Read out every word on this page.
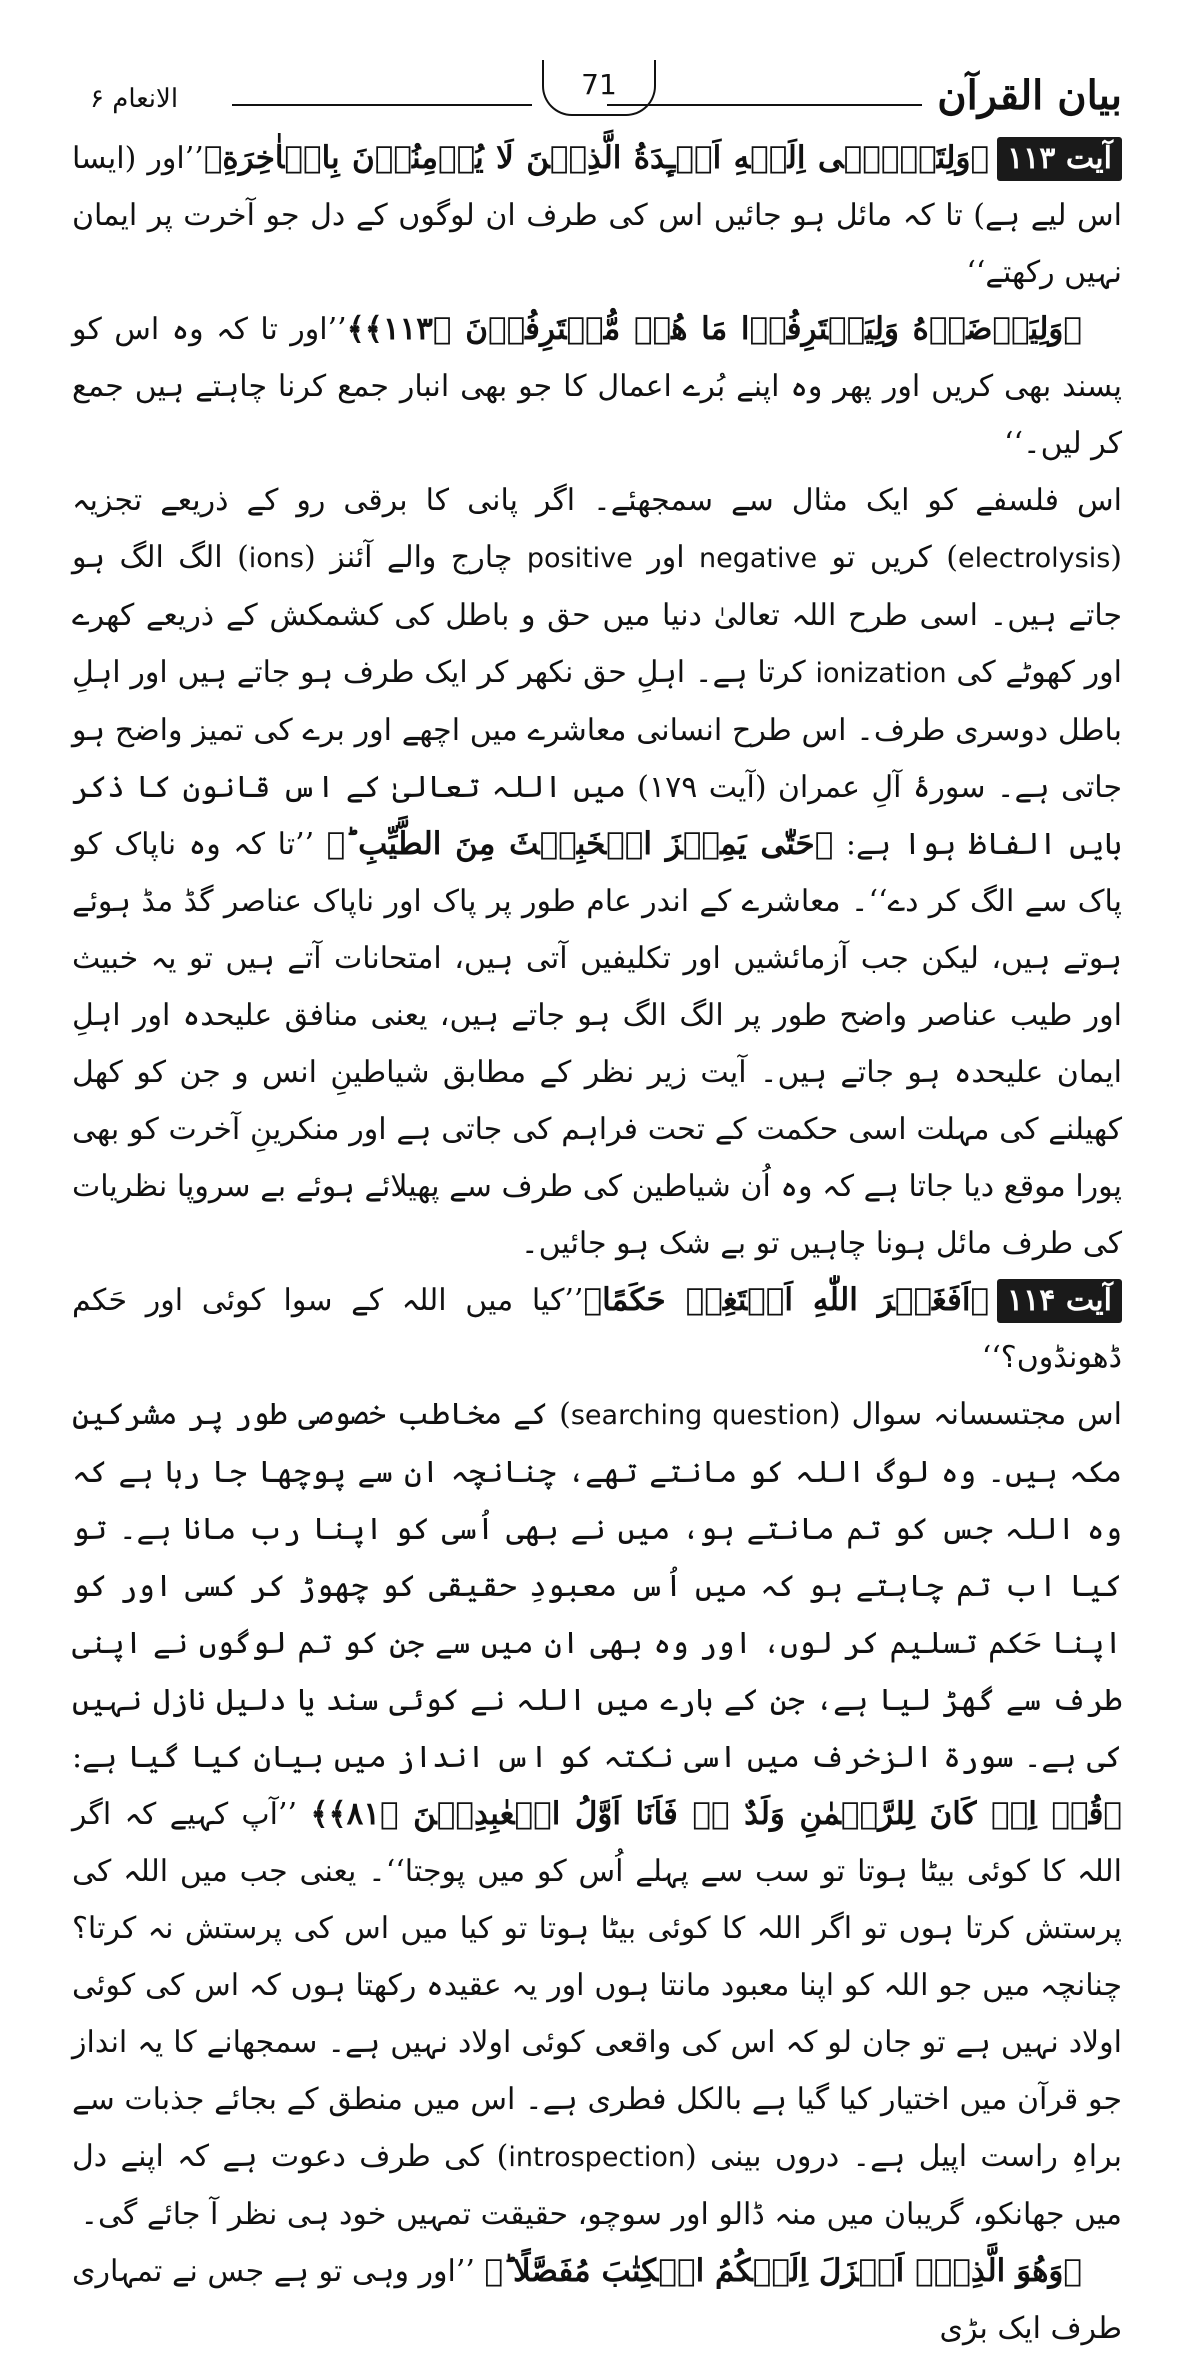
بیان القرآن
71
الانعام ۶

آیت ۱۱۳﴿وَلِتَصۡغٰۤی اِلَیۡهِ اَفۡـِٕدَةُ الَّذِیۡنَ لَا یُؤۡمِنُوۡنَ بِالۡاٰخِرَةِ﴾’’اور (ایسا اس لیے ہے) تا کہ مائل ہو جائیں اس کی طرف ان لوگوں کے دل جو آخرت پر ایمان نہیں رکھتے‘‘

﴿وَلِیَرۡضَوۡهُ وَلِیَقۡتَرِفُوۡا مَا هُمۡ مُّقۡتَرِفُوۡنَ ﴿۱۱۳﴾﴾’’اور تا کہ وہ اس کو پسند بھی کریں اور پھر وہ اپنے بُرے اعمال کا جو بھی انبار جمع کرنا چاہتے ہیں جمع کر لیں۔‘‘

اس فلسفے کو ایک مثال سے سمجھئے۔ اگر پانی کا برقی رو کے ذریعے تجزیہ (electrolysis) کریں تو negative اور positive چارج والے آئنز (ions) الگ الگ ہو جاتے ہیں۔ اسی طرح اللہ تعالیٰ دنیا میں حق و باطل کی کشمکش کے ذریعے کھرے اور کھوٹے کی ionization کرتا ہے۔ اہلِ حق نکھر کر ایک طرف ہو جاتے ہیں اور اہلِ باطل دوسری طرف۔ اس طرح انسانی معاشرے میں اچھے اور برے کی تمیز واضح ہو جاتی ہے۔ سورۂ آلِ عمران (آیت ۱۷۹) میں اللہ تعالیٰ کے اس قانون کا ذکر بایں الفاظ ہوا ہے: ﴿حَتّٰی یَمِیۡزَ الۡخَبِیۡثَ مِنَ الطَّیِّبِ ؕ﴾ ’’تا کہ وہ ناپاک کو پاک سے الگ کر دے‘‘۔ معاشرے کے اندر عام طور پر پاک اور ناپاک عناصر گڈ مڈ ہوئے ہوتے ہیں، لیکن جب آزمائشیں اور تکلیفیں آتی ہیں، امتحانات آتے ہیں تو یہ خبیث اور طیب عناصر واضح طور پر الگ الگ ہو جاتے ہیں، یعنی منافق علیحدہ اور اہلِ ایمان علیحدہ ہو جاتے ہیں۔ آیت زیر نظر کے مطابق شیاطینِ انس و جن کو کھل کھیلنے کی مہلت اسی حکمت کے تحت فراہم کی جاتی ہے اور منکرینِ آخرت کو بھی پورا موقع دیا جاتا ہے کہ وہ اُن شیاطین کی طرف سے پھیلائے ہوئے بے سروپا نظریات کی طرف مائل ہونا چاہیں تو بے شک ہو جائیں۔

آیت ۱۱۴﴿اَفَغَیۡرَ اللّٰهِ اَبۡتَغِیۡ حَكَمًا﴾’’کیا میں اللہ کے سوا کوئی اور حَکم ڈھونڈوں؟‘‘

اس مجتسسانہ سوال (searching question) کے مخاطب خصوصی طور پر مشرکینِ مکہ ہیں۔ وہ لوگ اللہ کو مانتے تھے، چنانچہ ان سے پوچھا جا رہا ہے کہ وہ اللہ جس کو تم مانتے ہو، میں نے بھی اُسی کو اپنا رب مانا ہے۔ تو کیا اب تم چاہتے ہو کہ میں اُس معبودِ حقیقی کو چھوڑ کر کسی اور کو اپنا حَکم تسلیم کر لوں، اور وہ بھی ان میں سے جن کو تم لوگوں نے اپنی طرف سے گھڑ لیا ہے، جن کے بارے میں اللہ نے کوئی سند یا دلیل نازل نہیں کی ہے۔ سورۃ الزخرف میں اسی نکتہ کو اس انداز میں بیان کیا گیا ہے: ﴿قُلۡ اِنۡ كَانَ لِلرَّحۡمٰنِ وَلَدٌ ٭ۖ فَاَنَا اَوَّلُ الۡعٰبِدِیۡنَ ﴿۸۱﴾﴾ ’’آپ کہیے کہ اگر اللہ کا کوئی بیٹا ہوتا تو سب سے پہلے اُس کو میں پوجتا‘‘۔ یعنی جب میں اللہ کی پرستش کرتا ہوں تو اگر اللہ کا کوئی بیٹا ہوتا تو کیا میں اس کی پرستش نہ کرتا؟ چنانچہ میں جو اللہ کو اپنا معبود مانتا ہوں اور یہ عقیدہ رکھتا ہوں کہ اس کی کوئی اولاد نہیں ہے تو جان لو کہ اس کی واقعی کوئی اولاد نہیں ہے۔ سمجھانے کا یہ انداز جو قرآن میں اختیار کیا گیا ہے بالکل فطری ہے۔ اس میں منطق کے بجائے جذبات سے براہِ راست اپیل ہے۔ دروں بینی (introspection) کی طرف دعوت ہے کہ اپنے دل میں جھانکو، گریبان میں منہ ڈالو اور سوچو، حقیقت تمہیں خود ہی نظر آ جائے گی۔

﴿وَهُوَ الَّذِیۡۤ اَنۡزَلَ اِلَیۡكُمُ الۡكِتٰبَ مُفَصَّلًا ؕ﴾ ’’اور وہی تو ہے جس نے تمہاری طرف ایک بڑی
